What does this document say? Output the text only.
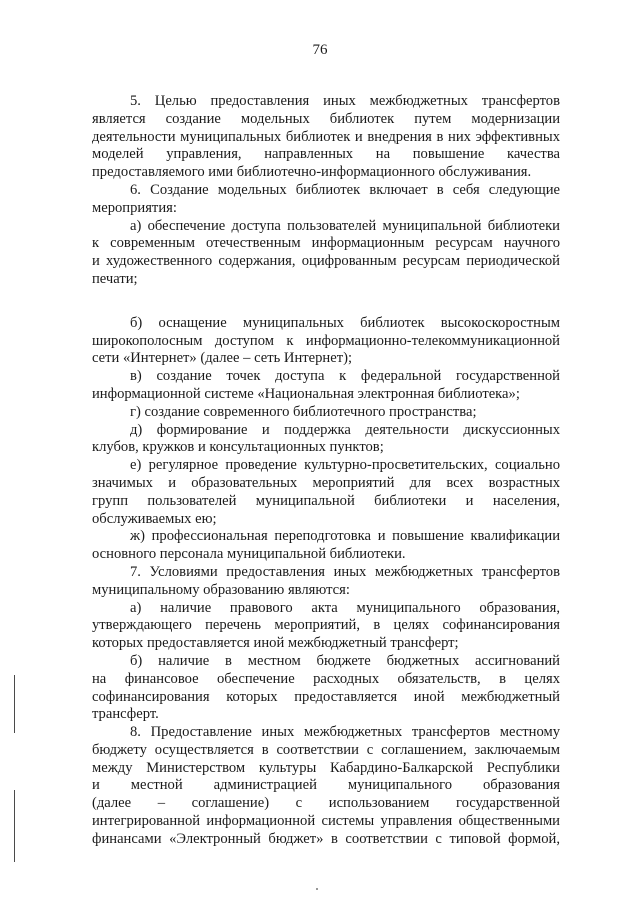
76
5. Целью предоставления иных межбюджетных трансфертов
является создание модельных библиотек путем модернизации
деятельности муниципальных библиотек и внедрения в них эффективных
моделей управления, направленных на повышение качества
предоставляемого ими библиотечно-информационного обслуживания.
6. Создание модельных библиотек включает в себя следующие
мероприятия:
а) обеспечение доступа пользователей муниципальной библиотеки
к современным отечественным информационным ресурсам научного
и художественного содержания, оцифрованным ресурсам периодической
печати;
б) оснащение муниципальных библиотек высокоскоростным
широкополосным доступом к информационно-телекоммуникационной
сети «Интернет» (далее – сеть Интернет);
в) создание точек доступа к федеральной государственной
информационной системе «Национальная электронная библиотека»;
г) создание современного библиотечного пространства;
д) формирование и поддержка деятельности дискуссионных
клубов, кружков и консультационных пунктов;
е) регулярное проведение культурно-просветительских, социально
значимых и образовательных мероприятий для всех возрастных
групп пользователей муниципальной библиотеки и населения,
обслуживаемых ею;
ж) профессиональная переподготовка и повышение квалификации
основного персонала муниципальной библиотеки.
7. Условиями предоставления иных межбюджетных трансфертов
муниципальному образованию являются:
а) наличие правового акта муниципального образования,
утверждающего перечень мероприятий, в целях софинансирования
которых предоставляется иной межбюджетный трансферт;
б) наличие в местном бюджете бюджетных ассигнований
на финансовое обеспечение расходных обязательств, в целях
софинансирования которых предоставляется иной межбюджетный
трансферт.
8. Предоставление иных межбюджетных трансфертов местному
бюджету осуществляется в соответствии с соглашением, заключаемым
между Министерством культуры Кабардино-Балкарской Республики
и местной администрацией муниципального образования
(далее – соглашение) с использованием государственной
интегрированной информационной системы управления общественными
финансами «Электронный бюджет» в соответствии с типовой формой,
